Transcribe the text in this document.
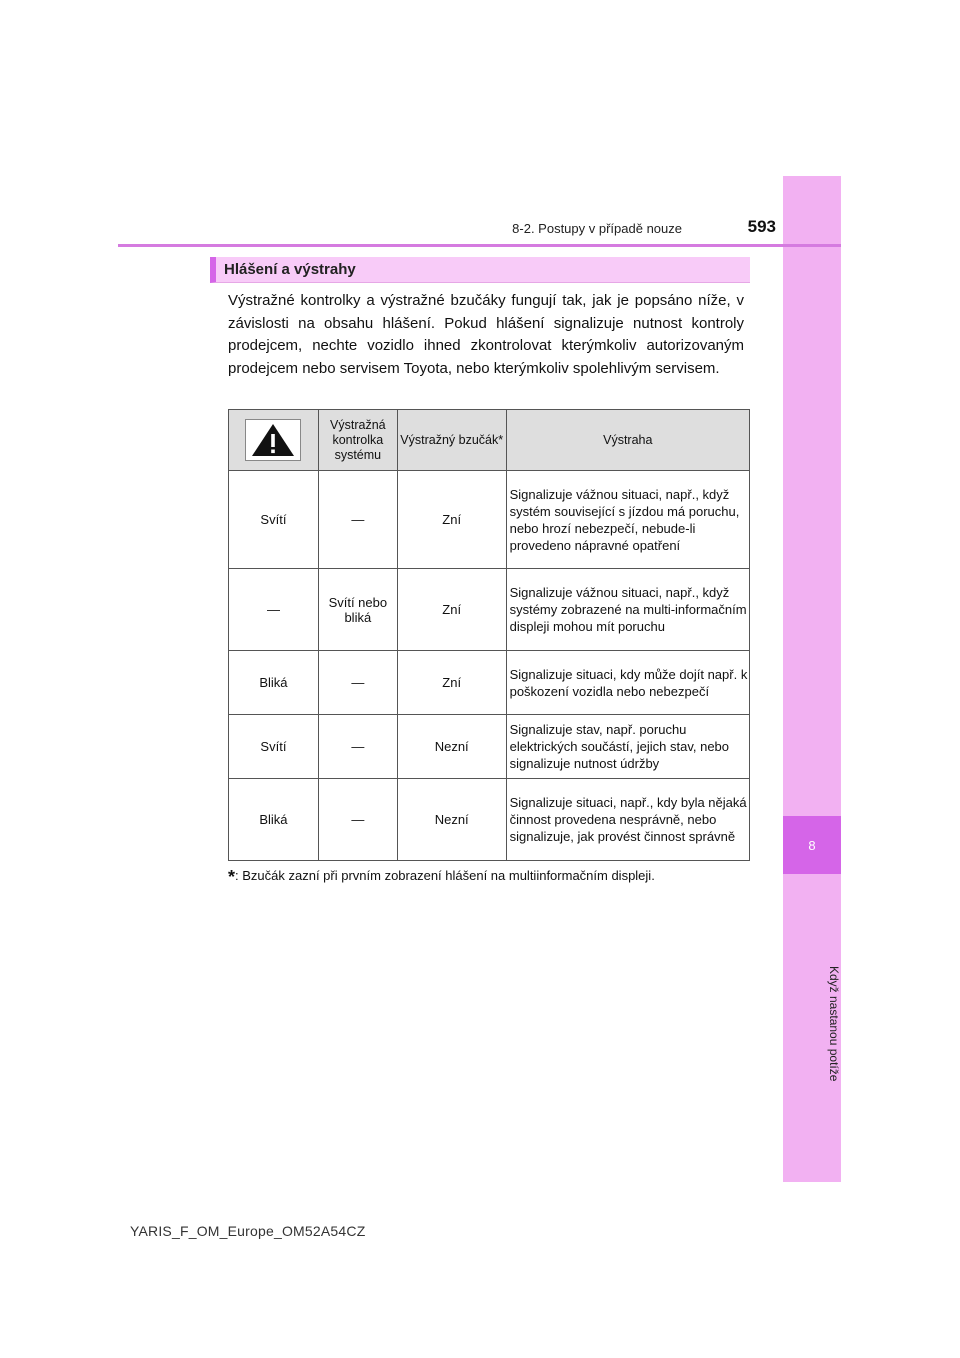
8
Když nastanou potíže
8-2. Postupy v případě nouze	593
Hlášení a výstrahy

Výstražné kontrolky a výstražné bzučáky fungují tak, jak je popsáno níže, v závislosti na obsahu hlášení. Pokud hlášení signalizuje nutnost kontroly prodejcem, nechte vozidlo ihned zkontrolovat kterýmkoliv autorizovaným prodejcem nebo servisem Toyota, nebo kterýmkoliv spolehlivým servisem.

	Výstražná kontrolka systému	Výstražný bzučák*	Výstraha
Svítí	—	Zní	Signalizuje vážnou situaci, např., když systém související s jízdou má poruchu, nebo hrozí nebezpečí, nebude-li provedeno nápravné opatření
—	Svítí nebo bliká	Zní	Signalizuje vážnou situaci, např., když systémy zobrazené na multi-informačním displeji mohou mít poruchu
Bliká	—	Zní	Signalizuje situaci, kdy může dojít např. k poškození vozidla nebo nebezpečí
Svítí	—	Nezní	Signalizuje stav, např. poruchu elektrických součástí, jejich stav, nebo signalizuje nutnost údržby
Bliká	—	Nezní	Signalizuje situaci, např., kdy byla nějaká činnost provedena nesprávně, nebo signalizuje, jak provést činnost správně
*: Bzučák zazní při prvním zobrazení hlášení na multiinformačním displeji.
YARIS_F_OM_Europe_OM52A54CZ
